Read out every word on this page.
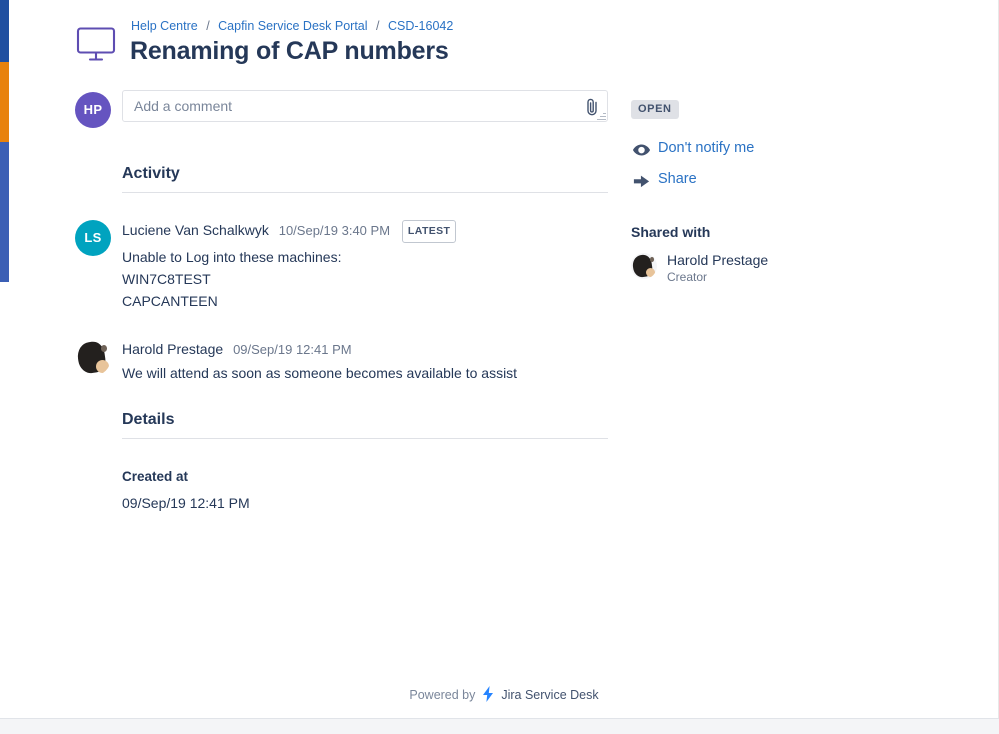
Help Centre / Capfin Service Desk Portal / CSD-16042
Renaming of CAP numbers
HP	Add a comment
Activity
LS	Luciene Van Schalkwyk 10/Sep/19 3:40 PM LATEST
Unable to Log into these machines:
WIN7C8TEST
CAPCANTEEN
Harold Prestage 09/Sep/19 12:41 PM
We will attend as soon as someone becomes available to assist
Details
Created at
09/Sep/19 12:41 PM
OPEN
Don't notify me
Share
Shared with
Harold Prestage
Creator
Powered by Jira Service Desk
